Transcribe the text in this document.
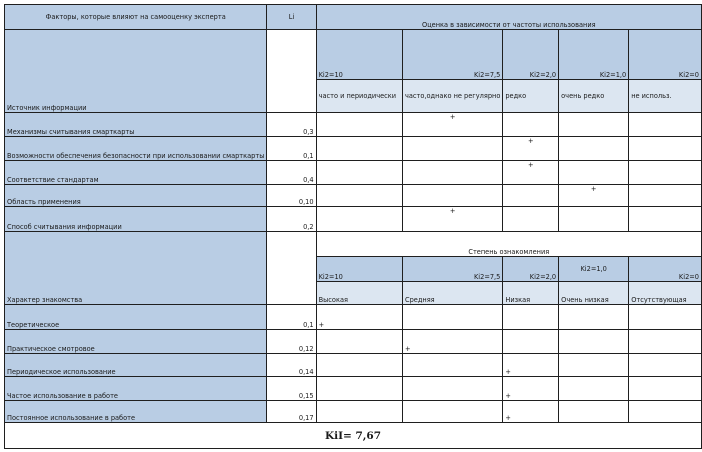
Факторы, которые влияют на самооценку эксперта	Li	Оценка в зависимости от частоты использования				
Источник информации		Ki2=10	Ki2=7,5	Ki2=2,0	Ki2=1,0	Ki2=0
		часто и периодически	часто,однако не регулярно	редко	очень редко	не использ.
Механизмы считывания смарткарты	0,3		+			
Возможности обеспечения безопасности при использовании смарткарты	0,1			+		
Соответствие стандартам	0,4			+		
Область применения	0,10				+	
Способ считывания информации	0,2		+			
Характер знакомства		Степень ознакомления				
		Ki2=10	Ki2=7,5	Ki2=2,0	Ki2=1,0	Ki2=0
		Высокая	Средняя	Низкая	Очень низкая	Отсутствующая
Теоретическое	0,1	+				
Практическое смотровое	0,12		+			
Периодическое использование	0,14			+		
Частое использование в работе	0,15			+		
Постоянное использование в работе	0,17			+		
KiI= 7,67						
